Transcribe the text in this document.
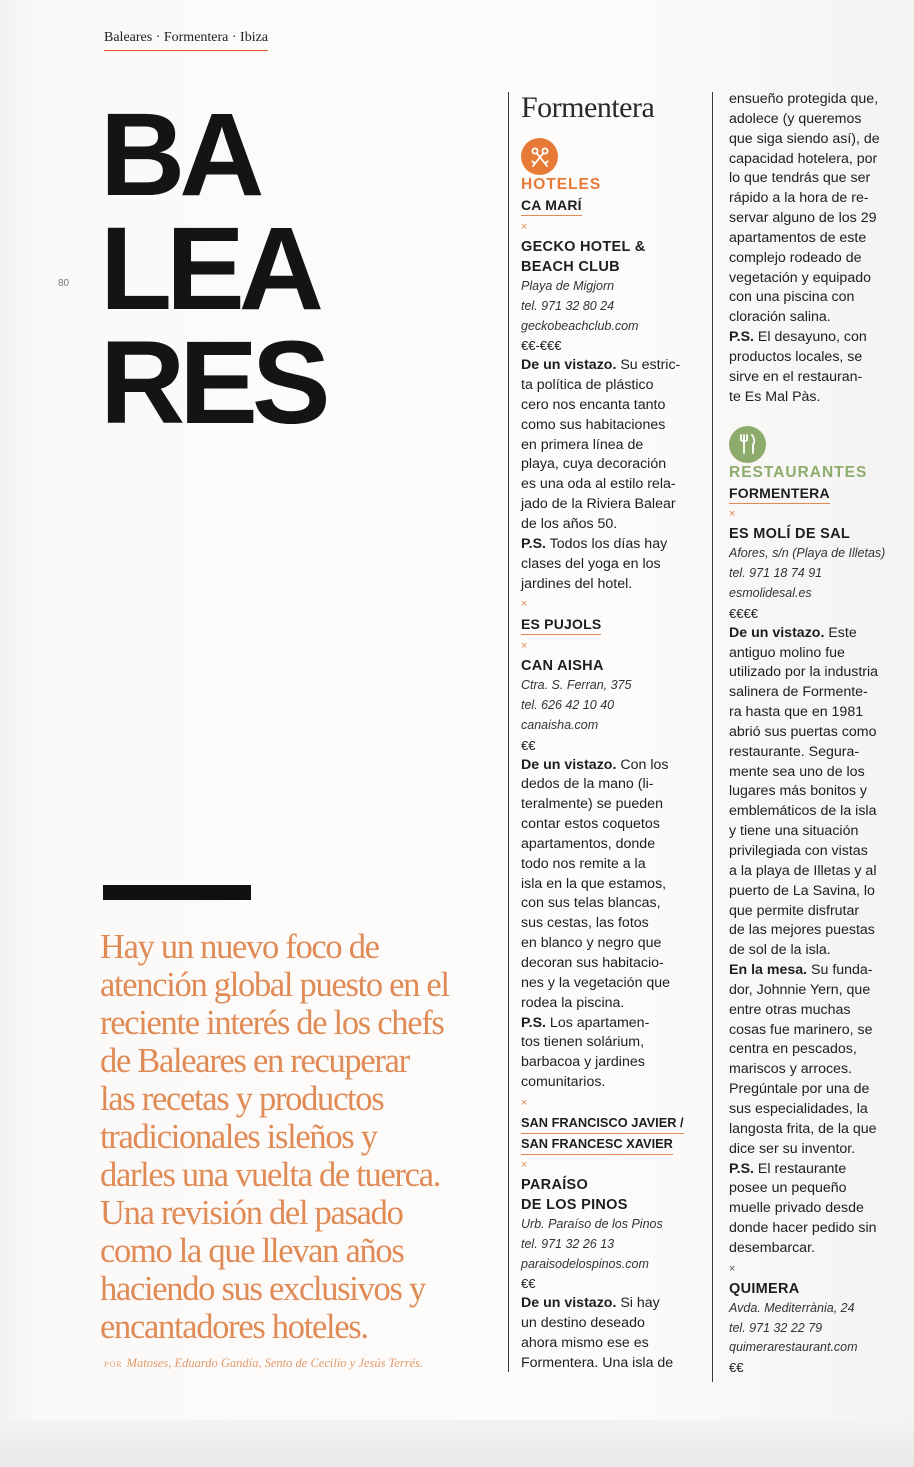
Baleares · Formentera · Ibiza
80
BA
LEA
RES
Hay un nuevo foco de
atención global puesto en el
reciente interés de los chefs
de Baleares en recuperar
las recetas y productos
tradicionales isleños y
darles una vuelta de tuerca.
Una revisión del pasado
como la que llevan años
haciendo sus exclusivos y
encantadores hoteles.
POR Matoses, Eduardo Gandía, Sento de Cecilio y Jesús Terrés.
Formentera
HOTELES
CA MARÍ
×
GECKO HOTEL &
BEACH CLUB
Playa de Migjorn
tel. 971 32 80 24
geckobeachclub.com
€€-€€€

De un vistazo. Su estric-
ta política de plástico
cero nos encanta tanto
como sus habitaciones
en primera línea de
playa, cuya decoración
es una oda al estilo rela-
jado de la Riviera Balear
de los años 50.

P.S. Todos los días hay
clases del yoga en los
jardines del hotel.

×
ES PUJOLS
×
CAN AISHA
Ctra. S. Ferran, 375
tel. 626 42 10 40
canaisha.com
€€

De un vistazo. Con los
dedos de la mano (li-
teralmente) se pueden
contar estos coquetos
apartamentos, donde
todo nos remite a la
isla en la que estamos,
con sus telas blancas,
sus cestas, las fotos
en blanco y negro que
decoran sus habitacio-
nes y la vegetación que
rodea la piscina.

P.S. Los apartamen-
tos tienen solárium,
barbacoa y jardines
comunitarios.

×
SAN FRANCISCO JAVIER /
SAN FRANCESC XAVIER
×
PARAÍSO
DE LOS PINOS
Urb. Paraíso de los Pinos
tel. 971 32 26 13
paraisodelospinos.com
€€

De un vistazo. Si hay
un destino deseado
ahora mismo ese es
Formentera. Una isla de

ensueño protegida que,
adolece (y queremos
que siga siendo así), de
capacidad hotelera, por
lo que tendrás que ser
rápido a la hora de re-
servar alguno de los 29
apartamentos de este
complejo rodeado de
vegetación y equipado
con una piscina con
cloración salina.

P.S. El desayuno, con
productos locales, se
sirve en el restauran-
te Es Mal Pàs.

RESTAURANTES
FORMENTERA
×
ES MOLÍ DE SAL
Afores, s/n (Playa de Illetas)
tel. 971 18 74 91
esmolidesal.es
€€€€

De un vistazo. Este
antiguo molino fue
utilizado por la industria
salinera de Formente-
ra hasta que en 1981
abrió sus puertas como
restaurante. Segura-
mente sea uno de los
lugares más bonitos y
emblemáticos de la isla
y tiene una situación
privilegiada con vistas
a la playa de Illetas y al
puerto de La Savina, lo
que permite disfrutar
de las mejores puestas
de sol de la isla.

En la mesa. Su funda-
dor, Johnnie Yern, que
entre otras muchas
cosas fue marinero, se
centra en pescados,
mariscos y arroces.
Pregúntale por una de
sus especialidades, la
langosta frita, de la que
dice ser su inventor.

P.S. El restaurante
posee un pequeño
muelle privado desde
donde hacer pedido sin
desembarcar.

×
QUIMERA
Avda. Mediterrània, 24
tel. 971 32 22 79
quimerarestaurant.com
€€
